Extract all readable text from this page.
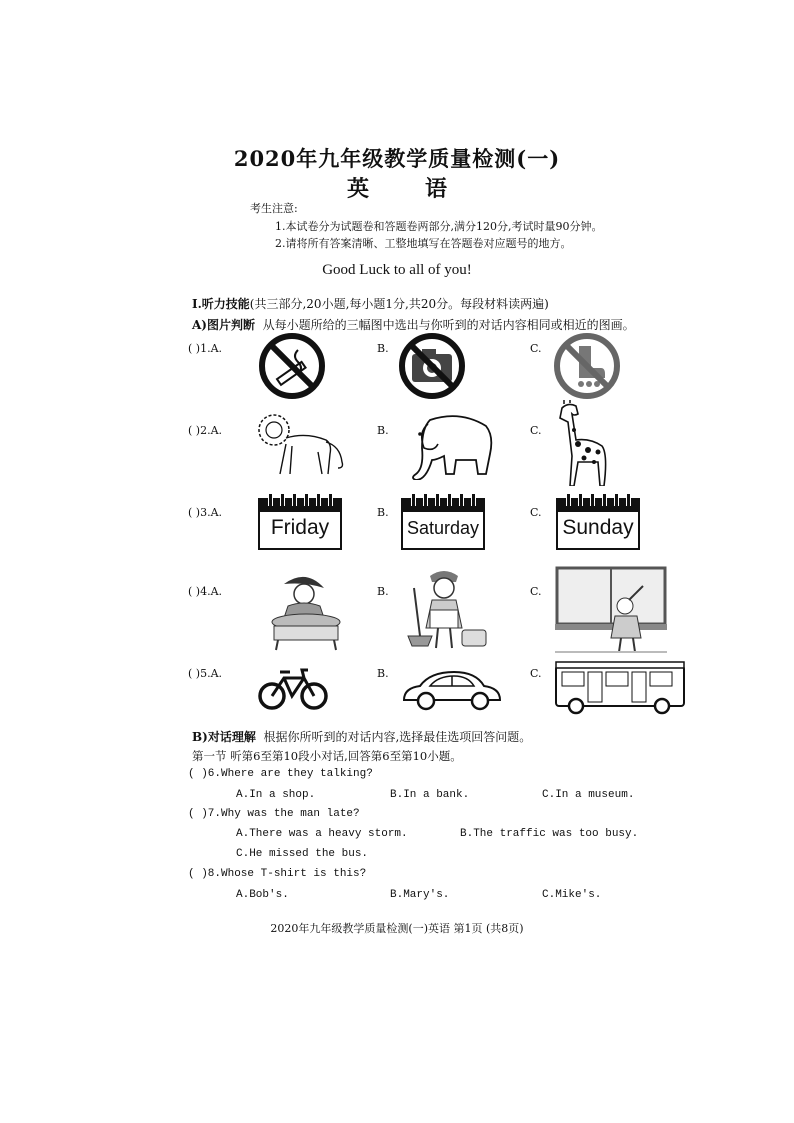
2020年九年级教学质量检测(一)
英	语
考生注意:
1.本试卷分为试题卷和答题卷两部分,满分120分,考试时量90分钟。
2.请将所有答案清晰、工整地填写在答题卷对应题号的地方。
Good Luck to all of you!
Ⅰ.听力技能(共三部分,20小题,每小题1分,共20分。每段材料读两遍)
A)图片判断 从每小题所给的三幅图中选出与你听到的对话内容相同或相近的图画。
( )1.A.	B.	C.
( )2.A.	B.	C.
( )3.A.	B.	C.
( )4.A.	B.	C.
( )5.A.	B.	C.
Friday	Saturday	Sunday
B)对话理解 根据你所听到的对话内容,选择最佳选项回答问题。
第一节 听第6至第10段小对话,回答第6至第10小题。
( )6.Where are they talking?
A.In a shop.	B.In a bank.	C.In a museum.
( )7.Why was the man late?
A.There was a heavy storm.	B.The traffic was too busy.
C.He missed the bus.
( )8.Whose T-shirt is this?
A.Bob's.	B.Mary's.	C.Mike's.
2020年九年级教学质量检测(一)英语 第1页 (共8页)
